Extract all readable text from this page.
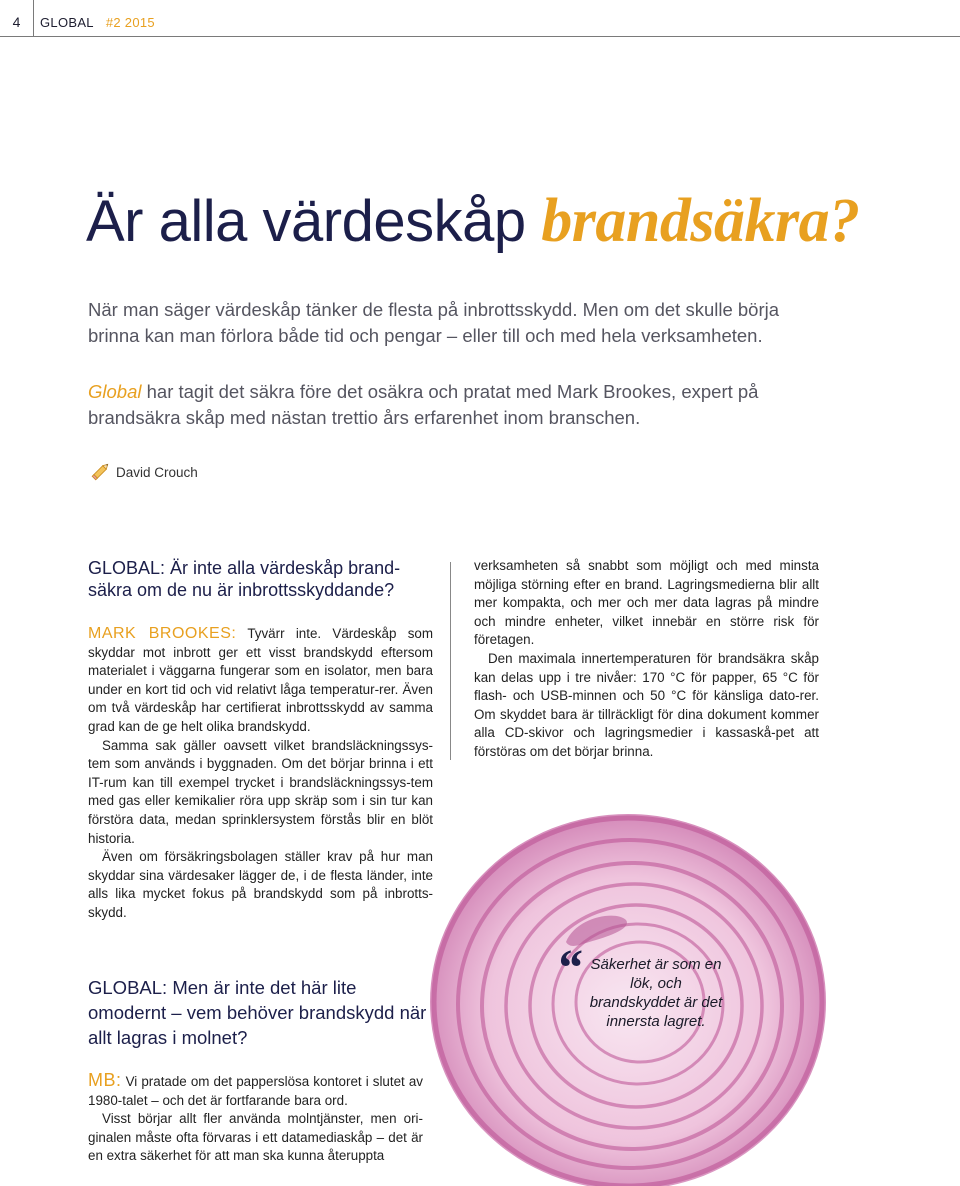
4	GLOBAL #2 2015
Är alla värdeskåp brandsäkra?

När man säger värdeskåp tänker de flesta på inbrottsskydd. Men om det skulle börja brinna kan man förlora både tid och pengar – eller till och med hela verksamheten.

Global har tagit det säkra före det osäkra och pratat med Mark Brookes, expert på brandsäkra skåp med nästan trettio års erfarenhet inom branschen.

David Crouch
GLOBAL: Är inte alla värdeskåp brand-säkra om de nu är inbrottsskyddande?

MARK BROOKES: Tyvärr inte. Värdeskåp som skyddar mot inbrott ger ett visst brandskydd eftersom materialet i väggarna fungerar som en isolator, men bara under en kort tid och vid relativt låga temperatur-rer. Även om två värdeskåp har certifierat inbrottsskydd av samma grad kan de ge helt olika brandskydd.

Samma sak gäller oavsett vilket brandsläckningssys-tem som används i byggnaden. Om det börjar brinna i ett IT-rum kan till exempel trycket i brandsläckningssys-tem med gas eller kemikalier röra upp skräp som i sin tur kan förstöra data, medan sprinklersystem förstås blir en blöt historia.

Även om försäkringsbolagen ställer krav på hur man skyddar sina värdesaker lägger de, i de flesta länder, inte alls lika mycket fokus på brandskydd som på inbrotts-skydd.

verksamheten så snabbt som möjligt och med minsta möjliga störning efter en brand. Lagringsmedierna blir allt mer kompakta, och mer och mer data lagras på mindre och mindre enheter, vilket innebär en större risk för företagen.

Den maximala innertemperaturen för brandsäkra skåp kan delas upp i tre nivåer: 170 °C för papper, 65 °C för flash- och USB-minnen och 50 °C för känsliga dato-rer. Om skyddet bara är tillräckligt för dina dokument kommer alla CD-skivor och lagringsmedier i kassaskå-pet att förstöras om det börjar brinna.

“ Säkerhet är som en lök, och brandskyddet är det innersta lagret.

GLOBAL: Men är inte det här lite omodernt – vem behöver brandskydd när allt lagras i molnet?

MB: Vi pratade om det papperslösa kontoret i slutet av 1980-talet – och det är fortfarande bara ord.

Visst börjar allt fler använda molntjänster, men ori-ginalen måste ofta förvaras i ett datamediaskåp – det är en extra säkerhet för att man ska kunna återuppta
